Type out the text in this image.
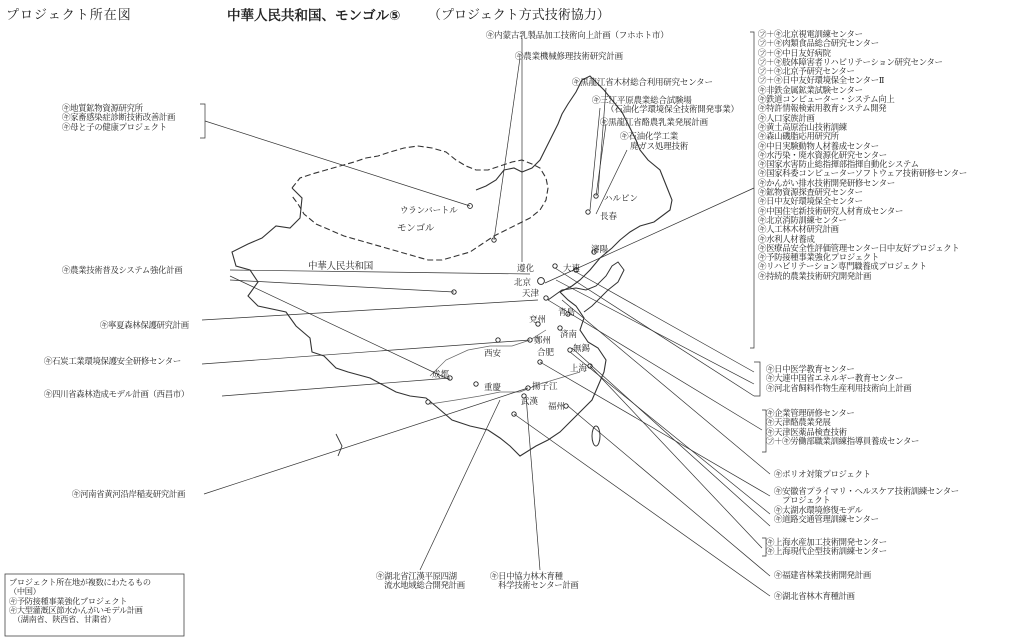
プロジェクト所在図	中華人民共和国、モンゴル⑤ （プロジェクト方式技術協力）
モンゴル
中華人民共和国
ウランバートル
ハルピン
長春
瀋陽
大連
遵化
北京
天津
青島
兗州
済南
鄭州
西安	合肥 無錫
上海
成都
重慶	揚子江
武漢 福州
㋖内蒙古乳製品加工技術向上計画（フホホト市）
㋖農業機械修理技術研究計画
㋖黒龍江省木材総合利用研究センター
㋖三江平原農業総合試験場
（石油化学環境保全技術開発事業）
㋖黒龍江省酪農乳業発展計画
㋖石油化学工業
廃ガス処理技術
㋖地質鉱物資源研究所
㋖家畜感染症診断技術改善計画
㋖母と子の健康プロジェクト
㋖農業技術普及システム強化計画
㋖寧夏森林保護研究計画
㋖石炭工業環境保護安全研修センター
㋖四川省森林造成モデル計画（西昌市）
㋖河南省黄河沿岸稲麦研究計画
㋖湖北省江漢平原四湖
　流水地域総合開発計画
㋖日中協力林木育種
　科学技術センター計画
㋫＋㋖北京視電訓練センター
㋫＋㋖肉類食品総合研究センター
㋫＋㋖中日友好病院
㋫＋㋖肢体障害者リハビリテーション研究センター
㋫＋㋖北京予研究センター
㋫＋㋖日中友好環境保全センターⅡ
㋖非鉄金属鉱業試験センター
㋖鉄道コンピューター・システム向上
㋖特許情報検索用教育システム開発
㋖人口家族計画
㋖黄土高原治山技術訓練
㋖森山磯脂応用研究所
㋖中日実験動物人材養成センター
㋖水汚染・廃水資源化研究センター
㋖国家水害防止総指揮部指揮自動化システム
㋖国家科委コンピューターソフトウェア技術研修センター
㋖かんがい排水技術開発研修センター
㋖鉱物資源探査研究センター
㋖日中友好環境保全センター
㋖中国住宅新技術研究人材育成センター
㋖北京消防訓練センター
㋖人工林木材研究計画
㋖水利人材養成
㋖医療品安全性評価管理センター日中友好プロジェクト
㋖予防接種事業強化プロジェクト
㋖リハビリテーション専門職養成プロジェクト
㋖持続的農業技術研究開発計画
㋖日中医学教育センター
㋖大連中国省エネルギー教育センター
㋖河北省飼料作物生産利用技術向上計画
㋖企業管理研修センター
㋖天津酪農業発展
㋖天津医薬品検査技術
㋫＋㋖労働部職業訓練指導員養成センター
㋖ポリオ対策プロジェクト
㋖安徽省プライマリ・ヘルスケア技術訓練センター
　プロジェクト
㋖太湖水環境修復モデル
㋖道路交通管理訓練センター
㋖上海水産加工技術開発センター
㋖上海現代企型技術訓練センター
㋖福建省林業技術開発計画
㋖湖北省林木育種計画
プロジェクト所在地が複数にわたるもの
（中国）
㋖予防接種事業強化プロジェクト
㋖大型灌漑区節水かんがいモデル計画
　（湖南省、陝西省、甘粛省）
